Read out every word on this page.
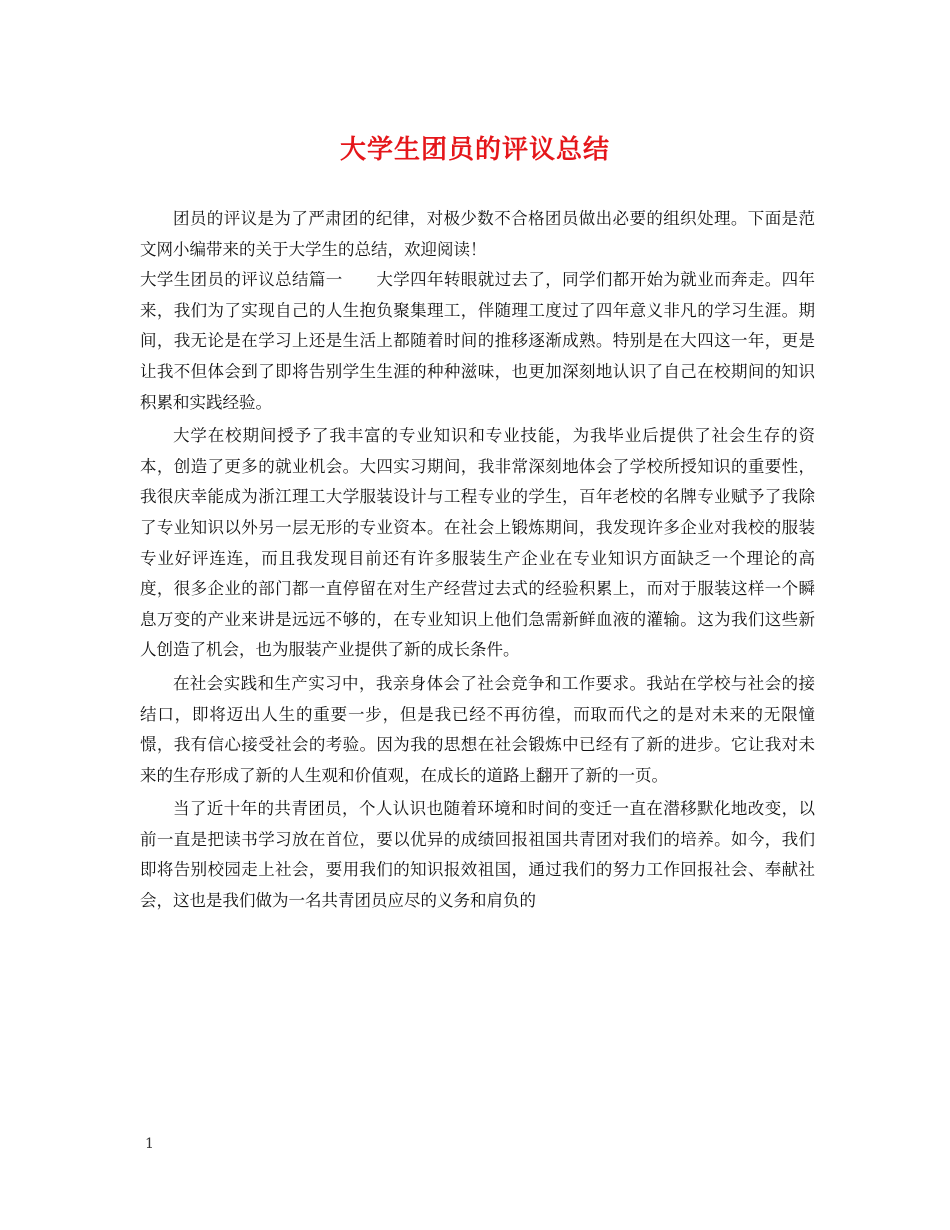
大学生团员的评议总结

团员的评议是为了严肃团的纪律，对极少数不合格团员做出必要的组织处理。下面是范文网小编带来的关于大学生的总结，欢迎阅读！

大学生团员的评议总结篇一　　大学四年转眼就过去了，同学们都开始为就业而奔走。四年来，我们为了实现自己的人生抱负聚集理工，伴随理工度过了四年意义非凡的学习生涯。期间，我无论是在学习上还是生活上都随着时间的推移逐渐成熟。特别是在大四这一年，更是让我不但体会到了即将告别学生生涯的种种滋味，也更加深刻地认识了自己在校期间的知识积累和实践经验。

大学在校期间授予了我丰富的专业知识和专业技能，为我毕业后提供了社会生存的资本，创造了更多的就业机会。大四实习期间，我非常深刻地体会了学校所授知识的重要性，我很庆幸能成为浙江理工大学服装设计与工程专业的学生，百年老校的名牌专业赋予了我除了专业知识以外另一层无形的专业资本。在社会上锻炼期间，我发现许多企业对我校的服装专业好评连连，而且我发现目前还有许多服装生产企业在专业知识方面缺乏一个理论的高度，很多企业的部门都一直停留在对生产经营过去式的经验积累上，而对于服装这样一个瞬息万变的产业来讲是远远不够的，在专业知识上他们急需新鲜血液的灌输。这为我们这些新人创造了机会，也为服装产业提供了新的成长条件。

在社会实践和生产实习中，我亲身体会了社会竞争和工作要求。我站在学校与社会的接结口，即将迈出人生的重要一步，但是我已经不再彷徨，而取而代之的是对未来的无限憧憬，我有信心接受社会的考验。因为我的思想在社会锻炼中已经有了新的进步。它让我对未来的生存形成了新的人生观和价值观，在成长的道路上翻开了新的一页。

当了近十年的共青团员，个人认识也随着环境和时间的变迁一直在潜移默化地改变，以前一直是把读书学习放在首位，要以优异的成绩回报祖国共青团对我们的培养。如今，我们即将告别校园走上社会，要用我们的知识报效祖国，通过我们的努力工作回报社会、奉献社会，这也是我们做为一名共青团员应尽的义务和肩负的

1
